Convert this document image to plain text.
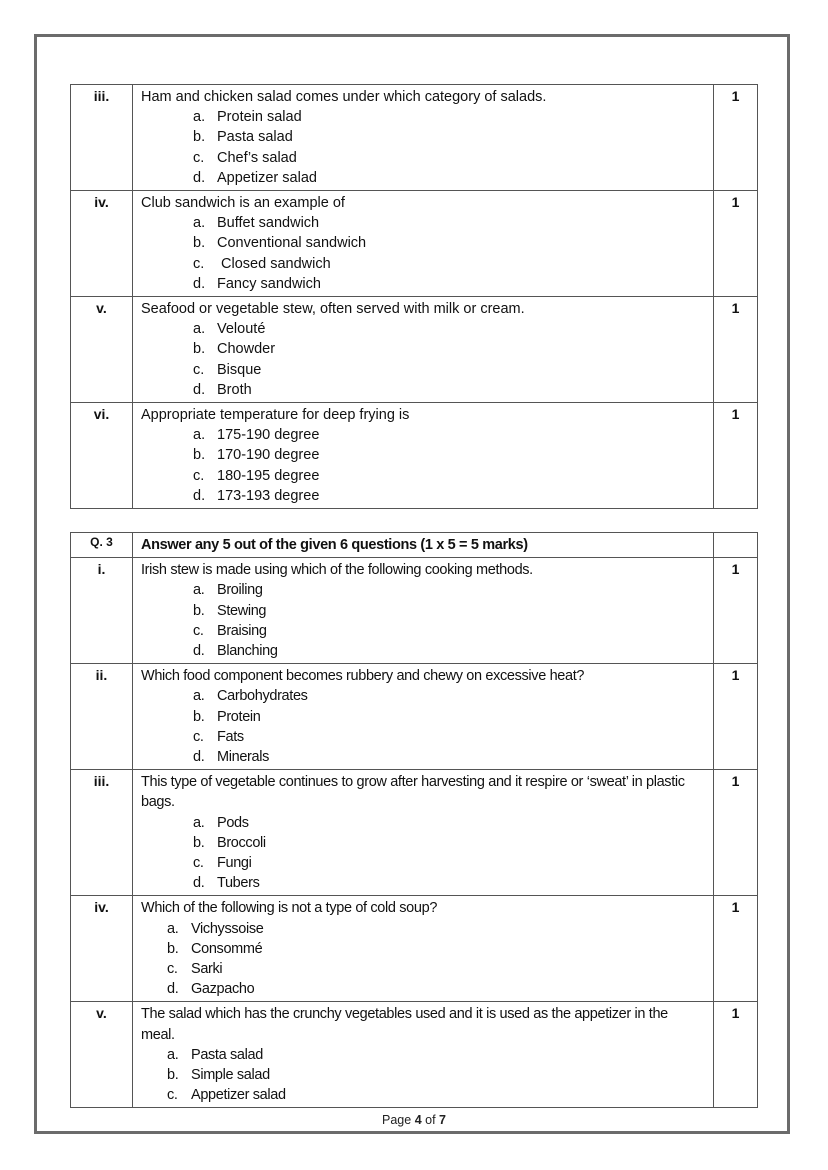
iii.	Ham and chicken salad comes under which category of salads.
a. Protein salad
b. Pasta salad
c. Chef’s salad
d. Appetizer salad
	1
iv.	Club sandwich is an example of
a. Buffet sandwich
b. Conventional sandwich
c. Closed sandwich
d. Fancy sandwich
	1
v.	Seafood or vegetable stew, often served with milk or cream.
a. Velouté
b. Chowder
c. Bisque
d. Broth
	1
vi.	Appropriate temperature for deep frying is
a. 175-190 degree
b. 170-190 degree
c. 180-195 degree
d. 173-193 degree
	1
Q. 3	Answer any 5 out of the given 6 questions (1 x 5 = 5 marks)	
i.	Irish stew is made using which of the following cooking methods.
a. Broiling
b. Stewing
c. Braising
d. Blanching
	1
ii.	Which food component becomes rubbery and chewy on excessive heat?
a. Carbohydrates
b. Protein
c. Fats
d. Minerals
	1
iii.	This type of vegetable continues to grow after harvesting and it respire or ‘sweat’ in plastic bags.
a. Pods
b. Broccoli
c. Fungi
d. Tubers
	1
iv.	Which of the following is not a type of cold soup?
a. Vichyssoise
b. Consommé
c. Sarki
d. Gazpacho
	1
v.	The salad which has the crunchy vegetables used and it is used as the appetizer in the meal.
a. Pasta salad
b. Simple salad
c. Appetizer salad
	1
Page 4 of 7
